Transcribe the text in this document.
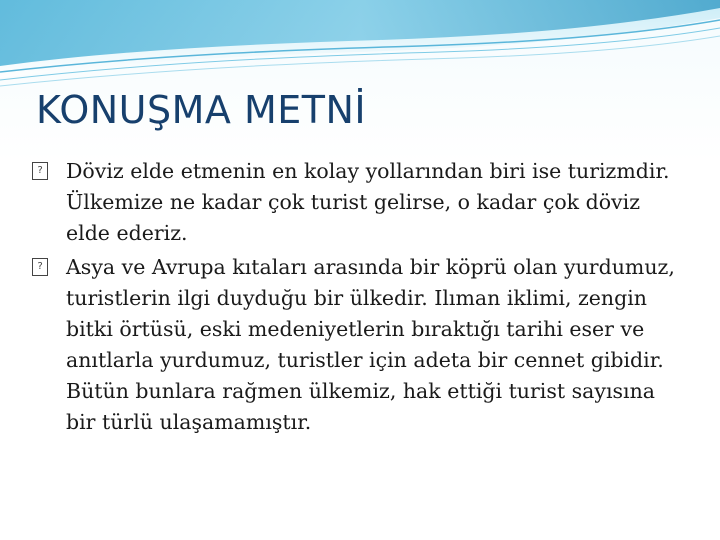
KONUŞMA METNİ

? Döviz elde etmenin en kolay yollarından biri ise turizmdir. Ülkemize ne kadar çok turist gelirse, o kadar çok döviz elde ederiz.

? Asya ve Avrupa kıtaları arasında bir köprü olan yurdumuz, turistlerin ilgi duyduğu bir ülkedir. Ilıman iklimi, zengin bitki örtüsü, eski medeniyetlerin bıraktığı tarihi eser ve anıtlarla yurdumuz, turistler için adeta bir cennet gibidir. Bütün bunlara rağmen ülkemiz, hak ettiği turist sayısına bir türlü ulaşamamıştır.
